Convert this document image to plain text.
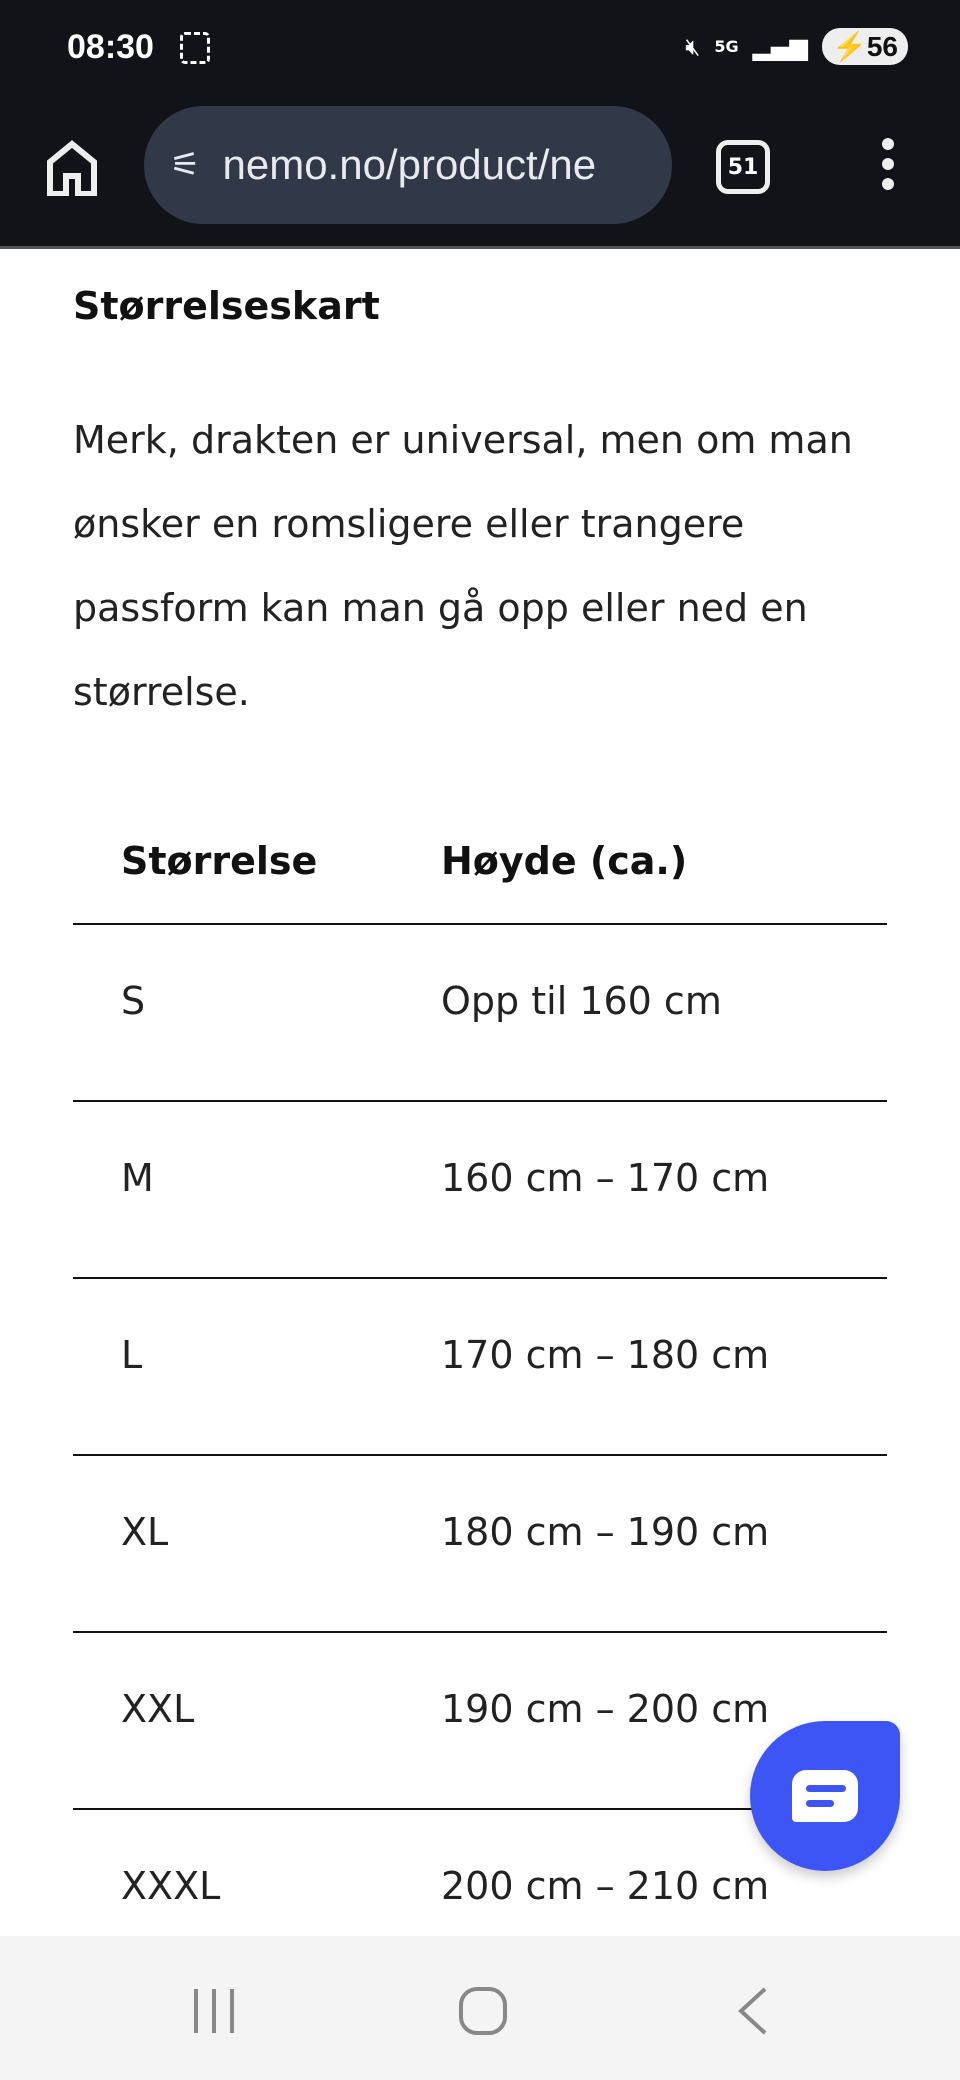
08:30	🔇︎ 5G ▂▄▆ ⚡56
⚟ nemo.no/product/ne	51
Størrelseskart

Merk, drakten er universal, men om man ønsker en romsligere eller trangere passform kan man gå opp eller ned en størrelse.

Størrelse	Høyde (ca.)
S	Opp til 160 cm
M	160 cm – 170 cm
L	170 cm – 180 cm
XL	180 cm – 190 cm
XXL	190 cm – 200 cm
XXXL	200 cm – 210 cm
